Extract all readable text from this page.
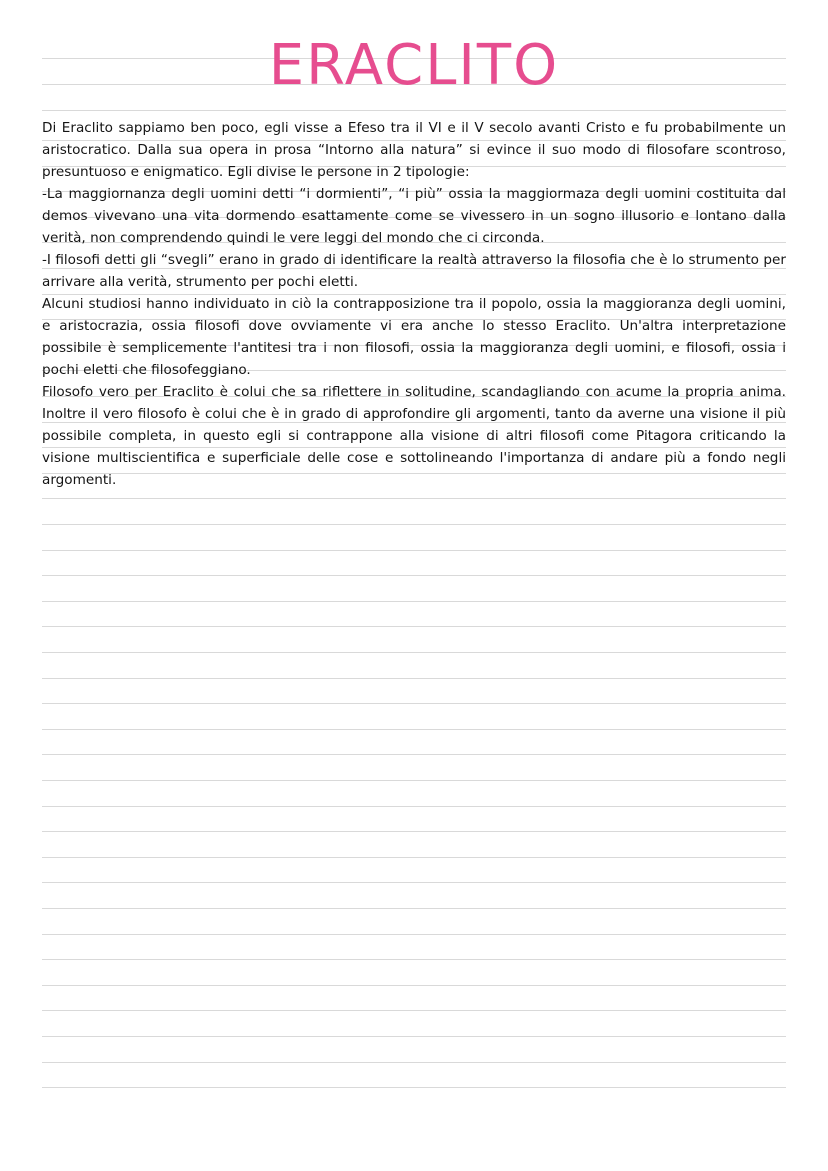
ERACLITO

Di Eraclito sappiamo ben poco, egli visse a Efeso tra il VI e il V secolo avanti Cristo e fu probabilmente un aristocratico. Dalla sua opera in prosa “Intorno alla natura” si evince il suo modo di filosofare scontroso, presuntuoso e enigmatico. Egli divise le persone in 2 tipologie:

-La maggiornanza degli uomini detti “i dormienti”, “i più” ossia la maggiormaza degli uomini costituita dal demos vivevano una vita dormendo esattamente come se vivessero in un sogno illusorio e lontano dalla verità, non comprendendo quindi le vere leggi del mondo che ci circonda.

-I filosofi detti gli “svegli” erano in grado di identificare la realtà attraverso la filosofia che è lo strumento per arrivare alla verità, strumento per pochi eletti.

Alcuni studiosi hanno individuato in ciò la contrapposizione tra il popolo, ossia la maggioranza degli uomini, e aristocrazia, ossia filosofi dove ovviamente vi era anche lo stesso Eraclito. Un'altra interpretazione possibile è semplicemente l'antitesi tra i non filosofi, ossia la maggioranza degli uomini, e filosofi, ossia i pochi eletti che filosofeggiano.

Filosofo vero per Eraclito è colui che sa riflettere in solitudine, scandagliando con acume la propria anima. Inoltre il vero filosofo è colui che è in grado di approfondire gli argomenti, tanto da averne una visione il più possibile completa, in questo egli si contrappone alla visione di altri filosofi come Pitagora criticando la visione multiscientifica e superficiale delle cose e sottolineando l'importanza di andare più a fondo negli argomenti.
